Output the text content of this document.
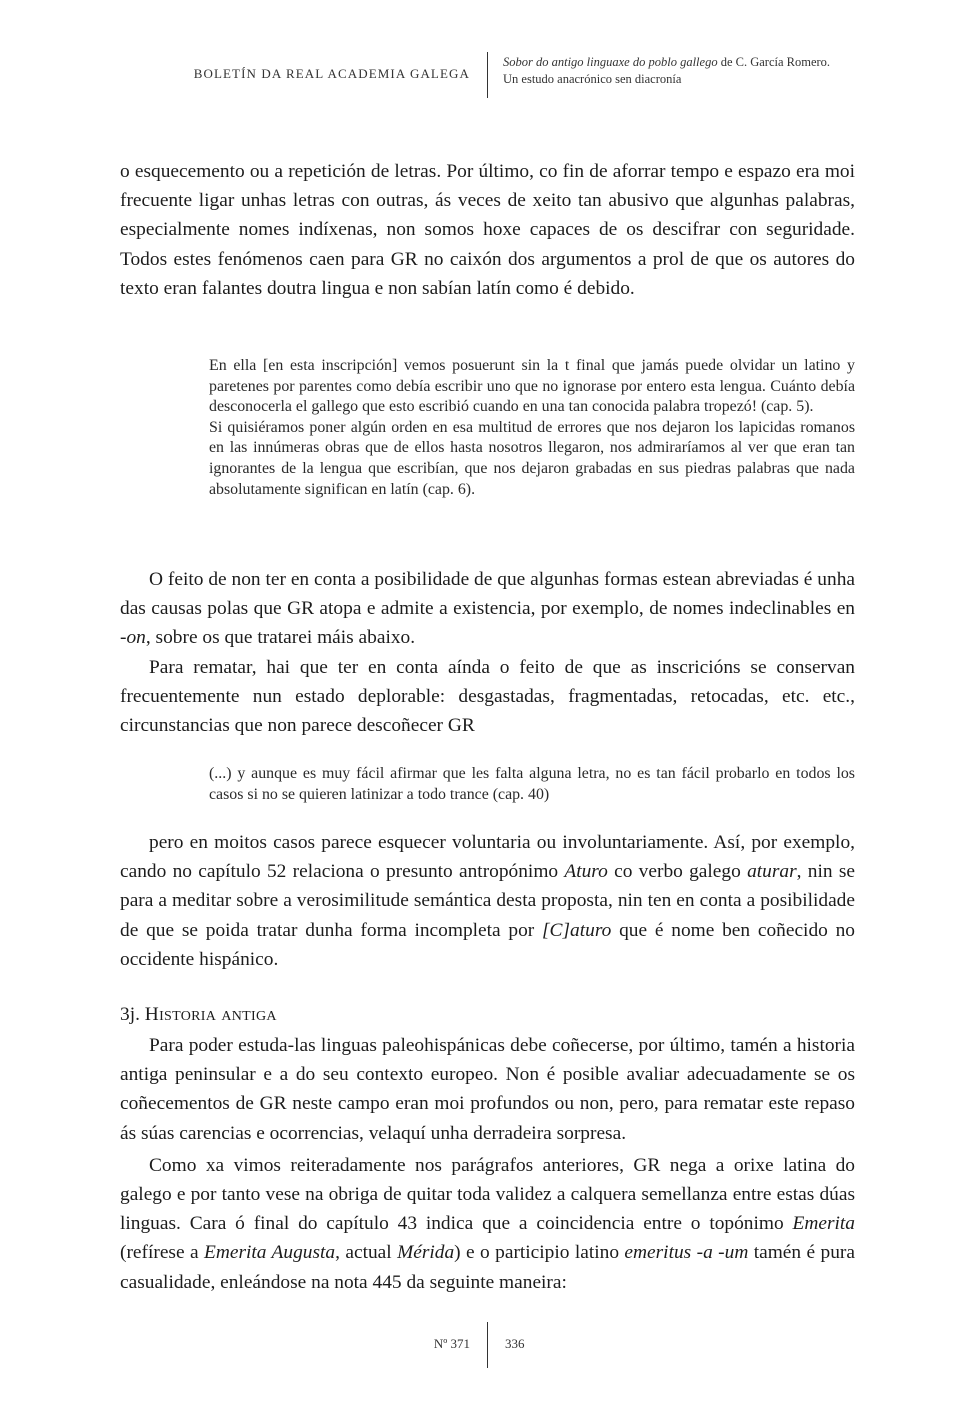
BOLETÍN DA REAL ACADEMIA GALEGA
Sobor do antigo linguaxe do poblo gallego de C. García Romero.
Un estudo anacrónico sen diacronía

o esquecemento ou a repetición de letras. Por último, co fin de aforrar tempo e espazo era moi frecuente ligar unhas letras con outras, ás veces de xeito tan abusivo que algunhas palabras, especialmente nomes indíxenas, non somos hoxe capaces de os descifrar con seguridade. Todos estes fenómenos caen para GR no caixón dos argumentos a prol de que os autores do texto eran falantes doutra lingua e non sabían latín como é debido.

En ella [en esta inscripción] vemos posuerunt sin la t final que jamás puede olvidar un latino y paretenes por parentes como debía escribir uno que no ignorase por entero esta lengua. Cuánto debía desconocerla el gallego que esto escribió cuando en una tan conocida palabra tropezó! (cap. 5).

Si quisiéramos poner algún orden en esa multitud de errores que nos dejaron los lapicidas romanos en las innúmeras obras que de ellos hasta nosotros llegaron, nos admiraríamos al ver que eran tan ignorantes de la lengua que escribían, que nos dejaron grabadas en sus piedras palabras que nada absolutamente significan en latín (cap. 6).

O feito de non ter en conta a posibilidade de que algunhas formas estean abreviadas é unha das causas polas que GR atopa e admite a existencia, por exemplo, de nomes indeclinables en -on, sobre os que tratarei máis abaixo.

Para rematar, hai que ter en conta aínda o feito de que as inscricións se conservan frecuentemente nun estado deplorable: desgastadas, fragmentadas, retocadas, etc. etc., circunstancias que non parece descoñecer GR

(...) y aunque es muy fácil afirmar que les falta alguna letra, no es tan fácil probarlo en todos los casos si no se quieren latinizar a todo trance (cap. 40)

pero en moitos casos parece esquecer voluntaria ou involuntariamente. Así, por exemplo, cando no capítulo 52 relaciona o presunto antropónimo Aturo co verbo galego aturar, nin se para a meditar sobre a verosimilitude semántica desta proposta, nin ten en conta a posibilidade de que se poida tratar dunha forma incompleta por [C]aturo que é nome ben coñecido no occidente hispánico.

3j. Historia antiga

Para poder estuda-las linguas paleohispánicas debe coñecerse, por último, tamén a historia antiga peninsular e a do seu contexto europeo. Non é posible avaliar adecuadamente se os coñecementos de GR neste campo eran moi profundos ou non, pero, para rematar este repaso ás súas carencias e ocorrencias, velaquí unha derradeira sorpresa.

Como xa vimos reiteradamente nos parágrafos anteriores, GR nega a orixe latina do galego e por tanto vese na obriga de quitar toda validez a calquera semellanza entre estas dúas linguas. Cara ó final do capítulo 43 indica que a coincidencia entre o topónimo Emerita (refírese a Emerita Augusta, actual Mérida) e o participio latino emeritus -a -um tamén é pura casualidade, enleándose na nota 445 da seguinte maneira:

Nº 371	336
